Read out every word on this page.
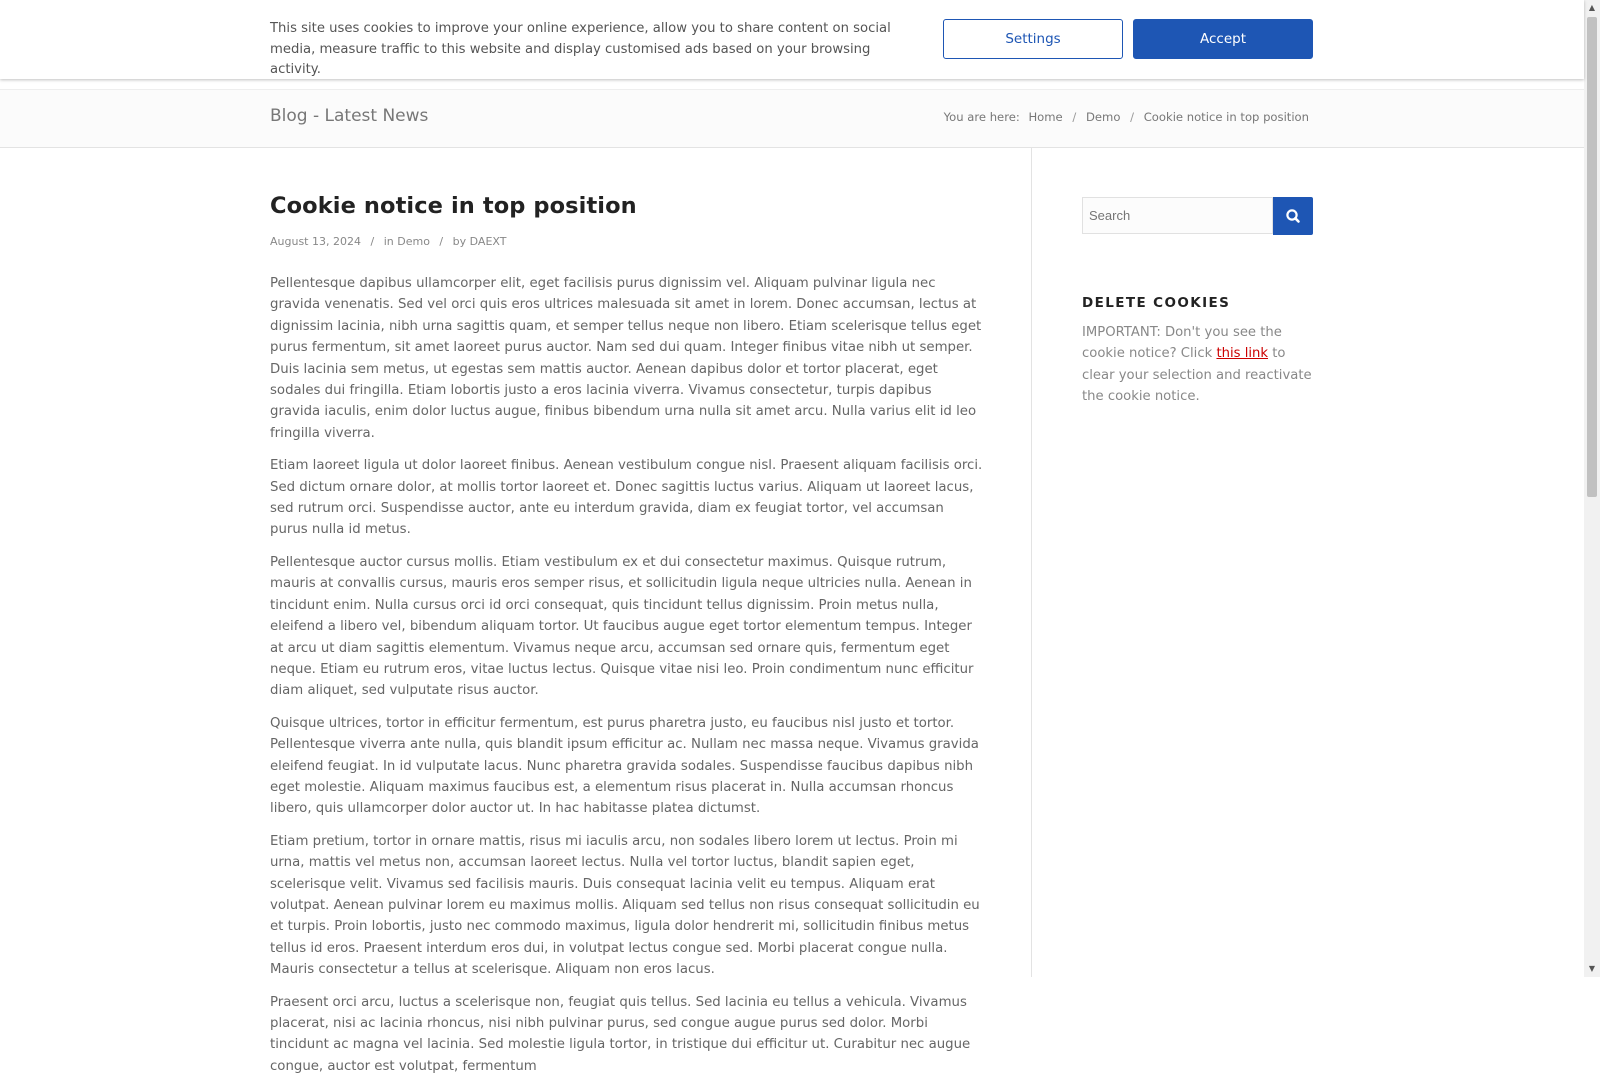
This site uses cookies to improve your online experience, allow you to share content on social media, measure traffic to this website and display customised ads based on your browsing activity.
Settings	Accept
Blog - Latest News	You are here: Home / Demo / Cookie notice in top position
Cookie notice in top position
August 13, 2024 / in Demo / by DAEXT

Pellentesque dapibus ullamcorper elit, eget facilisis purus dignissim vel. Aliquam pulvinar ligula nec gravida venenatis. Sed vel orci quis eros ultrices malesuada sit amet in lorem. Donec accumsan, lectus at dignissim lacinia, nibh urna sagittis quam, et semper tellus neque non libero. Etiam scelerisque tellus eget purus fermentum, sit amet laoreet purus auctor. Nam sed dui quam. Integer finibus vitae nibh ut semper. Duis lacinia sem metus, ut egestas sem mattis auctor. Aenean dapibus dolor et tortor placerat, eget sodales dui fringilla. Etiam lobortis justo a eros lacinia viverra. Vivamus consectetur, turpis dapibus gravida iaculis, enim dolor luctus augue, finibus bibendum urna nulla sit amet arcu. Nulla varius elit id leo fringilla viverra.

Etiam laoreet ligula ut dolor laoreet finibus. Aenean vestibulum congue nisl. Praesent aliquam facilisis orci. Sed dictum ornare dolor, at mollis tortor laoreet et. Donec sagittis luctus varius. Aliquam ut laoreet lacus, sed rutrum orci. Suspendisse auctor, ante eu interdum gravida, diam ex feugiat tortor, vel accumsan purus nulla id metus.

Pellentesque auctor cursus mollis. Etiam vestibulum ex et dui consectetur maximus. Quisque rutrum, mauris at convallis cursus, mauris eros semper risus, et sollicitudin ligula neque ultricies nulla. Aenean in tincidunt enim. Nulla cursus orci id orci consequat, quis tincidunt tellus dignissim. Proin metus nulla, eleifend a libero vel, bibendum aliquam tortor. Ut faucibus augue eget tortor elementum tempus. Integer at arcu ut diam sagittis elementum. Vivamus neque arcu, accumsan sed ornare quis, fermentum eget neque. Etiam eu rutrum eros, vitae luctus lectus. Quisque vitae nisi leo. Proin condimentum nunc efficitur diam aliquet, sed vulputate risus auctor.

Quisque ultrices, tortor in efficitur fermentum, est purus pharetra justo, eu faucibus nisl justo et tortor. Pellentesque viverra ante nulla, quis blandit ipsum efficitur ac. Nullam nec massa neque. Vivamus gravida eleifend feugiat. In id vulputate lacus. Nunc pharetra gravida sodales. Suspendisse faucibus dapibus nibh eget molestie. Aliquam maximus faucibus est, a elementum risus placerat in. Nulla accumsan rhoncus libero, quis ullamcorper dolor auctor ut. In hac habitasse platea dictumst.

Etiam pretium, tortor in ornare mattis, risus mi iaculis arcu, non sodales libero lorem ut lectus. Proin mi urna, mattis vel metus non, accumsan laoreet lectus. Nulla vel tortor luctus, blandit sapien eget, scelerisque velit. Vivamus sed facilisis mauris. Duis consequat lacinia velit eu tempus. Aliquam erat volutpat. Aenean pulvinar lorem eu maximus mollis. Aliquam sed tellus non risus consequat sollicitudin eu et turpis. Proin lobortis, justo nec commodo maximus, ligula dolor hendrerit mi, sollicitudin finibus metus tellus id eros. Praesent interdum eros dui, in volutpat lectus congue sed. Morbi placerat congue nulla. Mauris consectetur a tellus at scelerisque. Aliquam non eros lacus.

Praesent orci arcu, luctus a scelerisque non, feugiat quis tellus. Sed lacinia eu tellus a vehicula. Vivamus placerat, nisi ac lacinia rhoncus, nisi nibh pulvinar purus, sed congue augue purus sed dolor. Morbi tincidunt ac magna vel lacinia. Sed molestie ligula tortor, in tristique dui efficitur ut. Curabitur nec augue congue, auctor est volutpat, fermentum

Search
DELETE COOKIES
IMPORTANT: Don't you see the cookie notice? Click this link to clear your selection and reactivate the cookie notice.
▲
▼
